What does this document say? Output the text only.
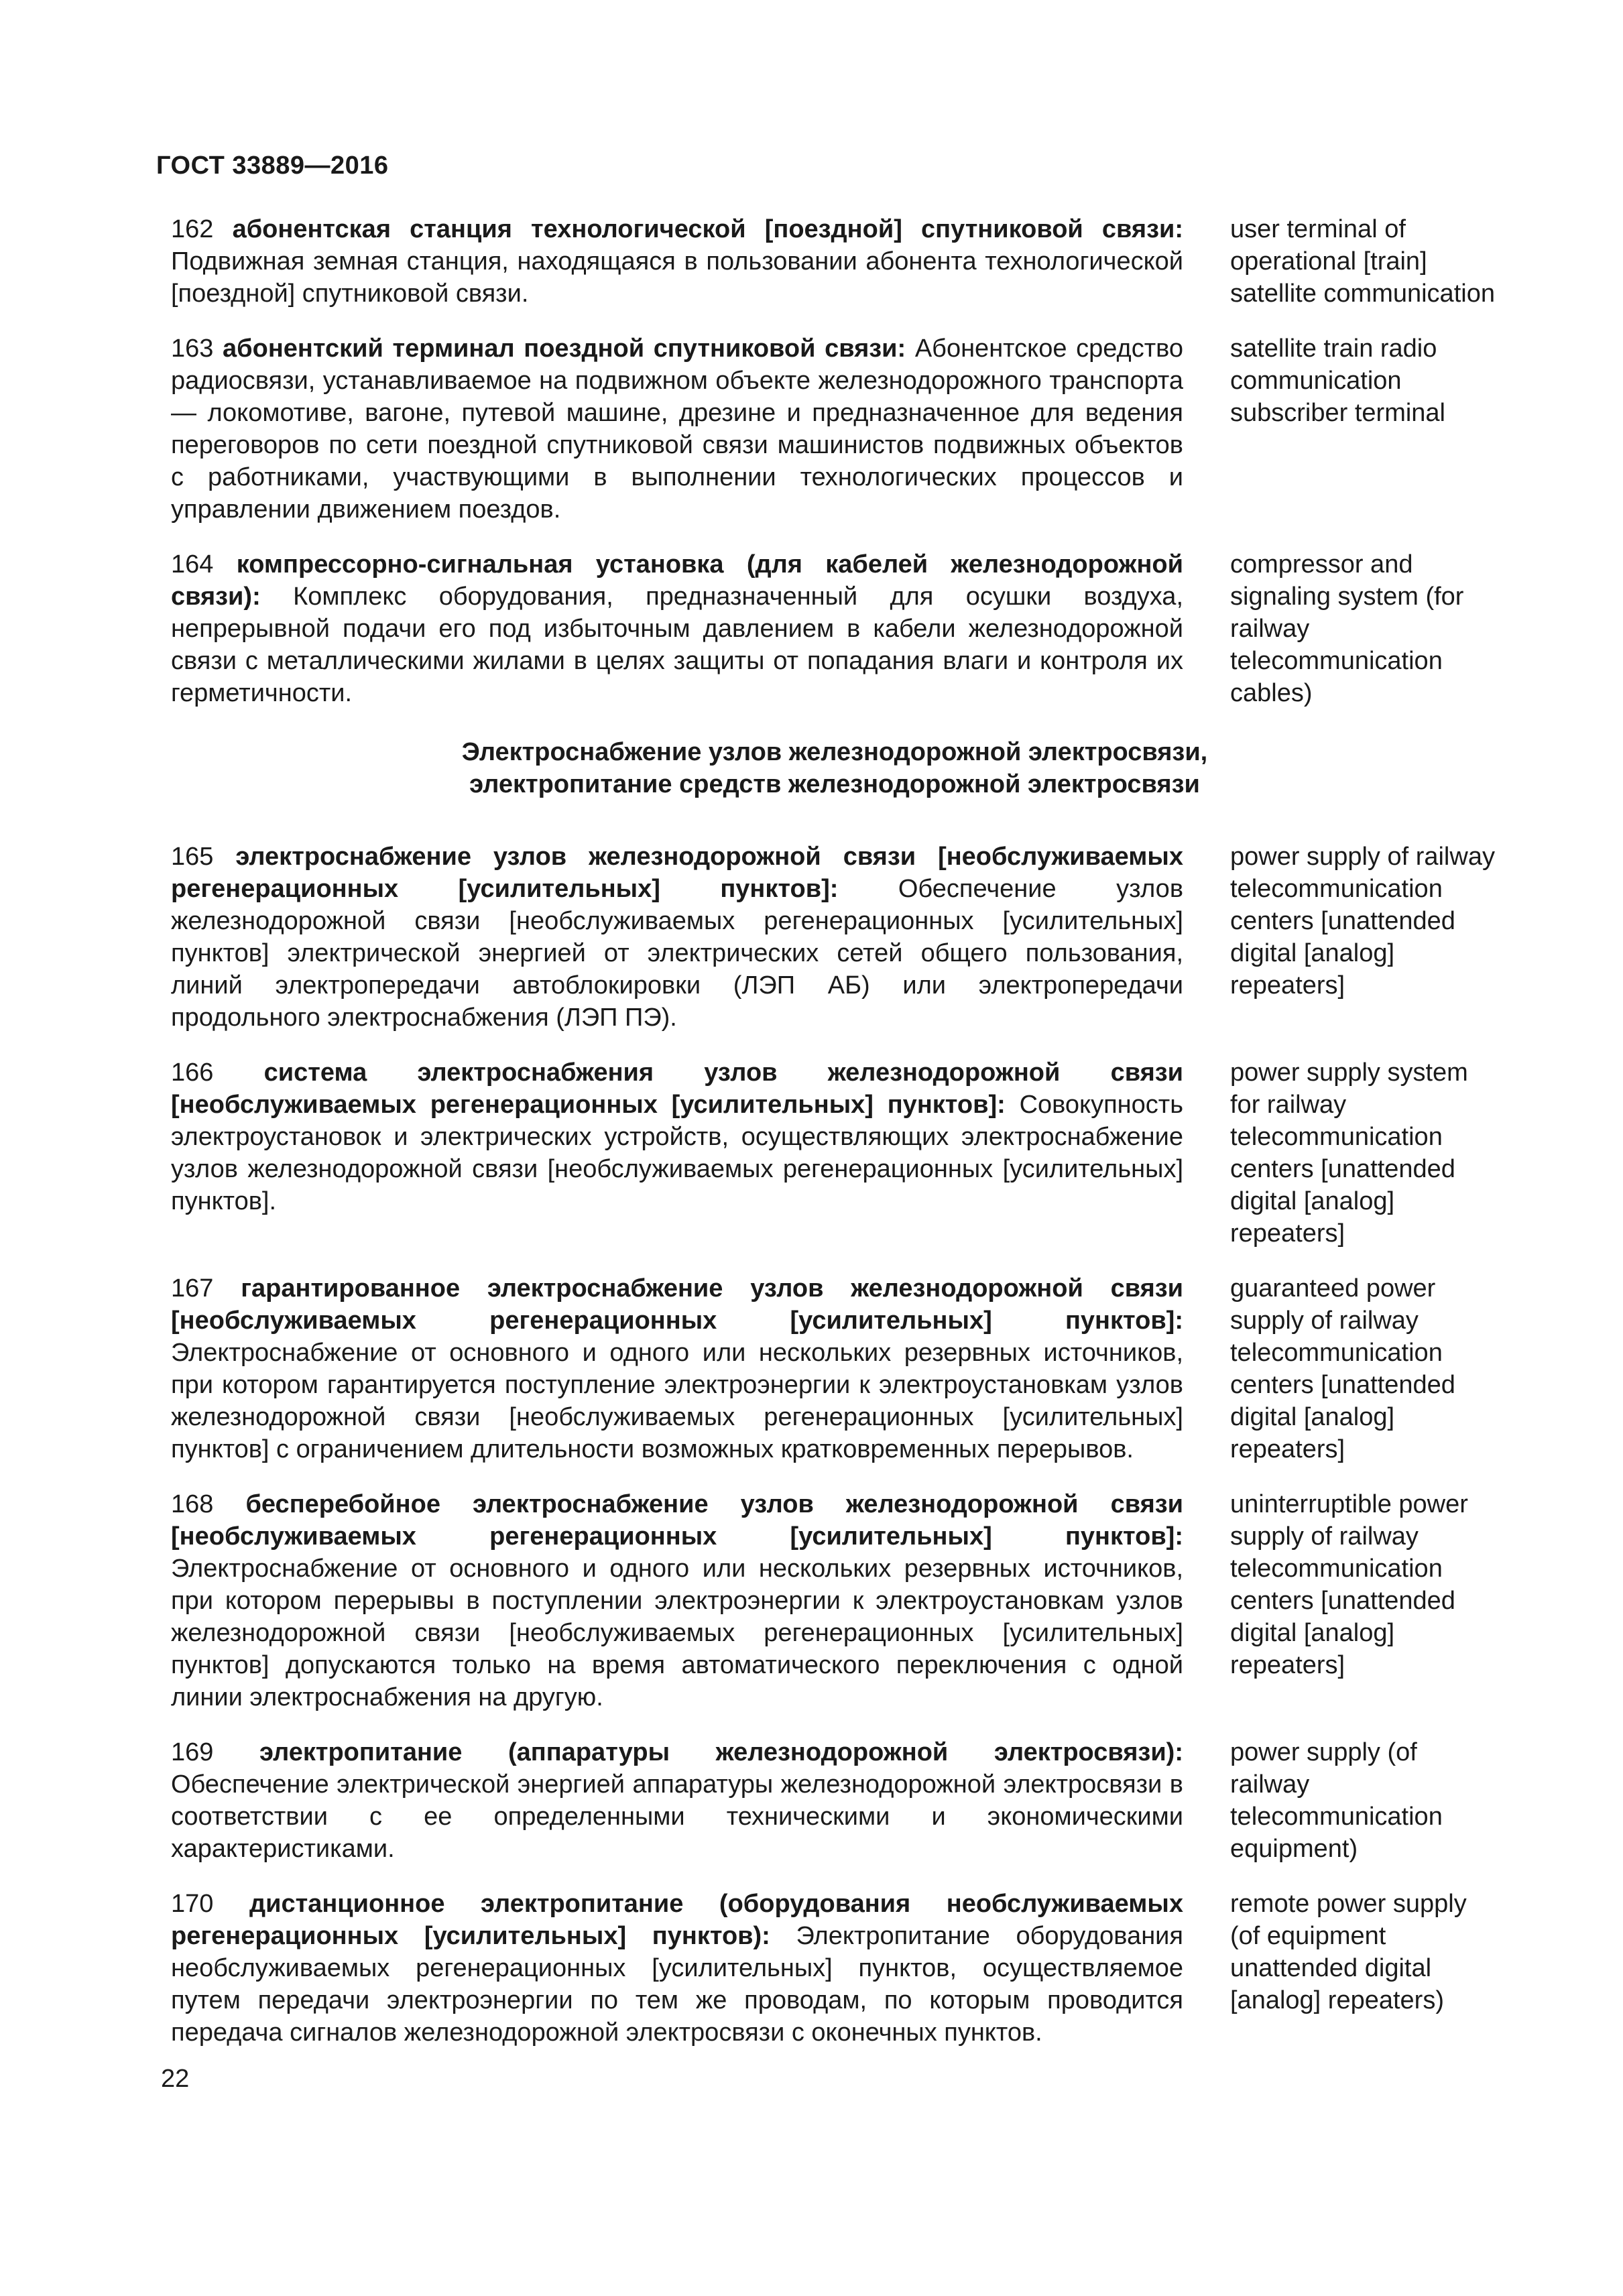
ГОСТ 33889—2016
162 абонентская станция технологической [поездной] спутниковой связи: Подвижная земная станция, находящаяся в пользовании абонента технологической [поездной] спутниковой связи.
user terminal of operational [train] satellite communication
163 абонентский терминал поездной спутниковой связи: Абонентское средство радиосвязи, устанавливаемое на подвижном объекте железнодорожного транспорта — локомотиве, вагоне, путевой машине, дрезине и предназначенное для ведения переговоров по сети поездной спутниковой связи машинистов подвижных объектов с работниками, участвующими в выполнении технологических процессов и управлении движением поездов.
satellite train radio communication subscriber terminal
164 компрессорно-сигнальная установка (для кабелей железнодорожной связи): Комплекс оборудования, предназначенный для осушки воздуха, непрерывной подачи его под избыточным давлением в кабели железнодорожной связи с металлическими жилами в целях защиты от попадания влаги и контроля их герметичности.
compressor and signaling system (for railway telecommunication cables)
Электроснабжение узлов железнодорожной электросвязи,
электропитание средств железнодорожной электросвязи
165 электроснабжение узлов железнодорожной связи [необслуживаемых регенерационных [усилительных] пунктов]: Обеспечение узлов железнодорожной связи [необслуживаемых регенерационных [усилительных] пунктов] электрической энергией от электрических сетей общего пользования, линий электропередачи автоблокировки (ЛЭП АБ) или электропередачи продольного электроснабжения (ЛЭП ПЭ).
power supply of railway telecommunication centers [unattended digital [analog] repeaters]
166 система электроснабжения узлов железнодорожной связи [необслуживаемых регенерационных [усилительных] пунктов]: Совокупность электроустановок и электрических устройств, осуществляющих электроснабжение узлов железнодорожной связи [необслуживаемых регенерационных [усилительных] пунктов].
power supply system for railway telecommunication centers [unattended digital [analog] repeaters]
167 гарантированное электроснабжение узлов железнодорожной связи [необслуживаемых регенерационных [усилительных] пунктов]: Электроснабжение от основного и одного или нескольких резервных источников, при котором гарантируется поступление электроэнергии к электроустановкам узлов железнодорожной связи [необслуживаемых регенерационных [усилительных] пунктов] с ограничением длительности возможных кратковременных перерывов.
guaranteed power supply of railway telecommunication centers [unattended digital [analog] repeaters]
168 бесперебойное электроснабжение узлов железнодорожной связи [необслуживаемых регенерационных [усилительных] пунктов]: Электроснабжение от основного и одного или нескольких резервных источников, при котором перерывы в поступлении электроэнергии к электроустановкам узлов железнодорожной связи [необслуживаемых регенерационных [усилительных] пунктов] допускаются только на время автоматического переключения с одной линии электроснабжения на другую.
uninterruptible power supply of railway telecommunication centers [unattended digital [analog] repeaters]
169 электропитание (аппаратуры железнодорожной электросвязи): Обеспечение электрической энергией аппаратуры железнодорожной электросвязи в соответствии с ее определенными техническими и экономическими характеристиками.
power supply (of railway telecommunication equipment)
170 дистанционное электропитание (оборудования необслуживаемых регенерационных [усилительных] пунктов): Электропитание оборудования необслуживаемых регенерационных [усилительных] пунктов, осуществляемое путем передачи электроэнергии по тем же проводам, по которым проводится передача сигналов железнодорожной электросвязи с оконечных пунктов.
remote power supply (of equipment unattended digital [analog] repeaters)
22
